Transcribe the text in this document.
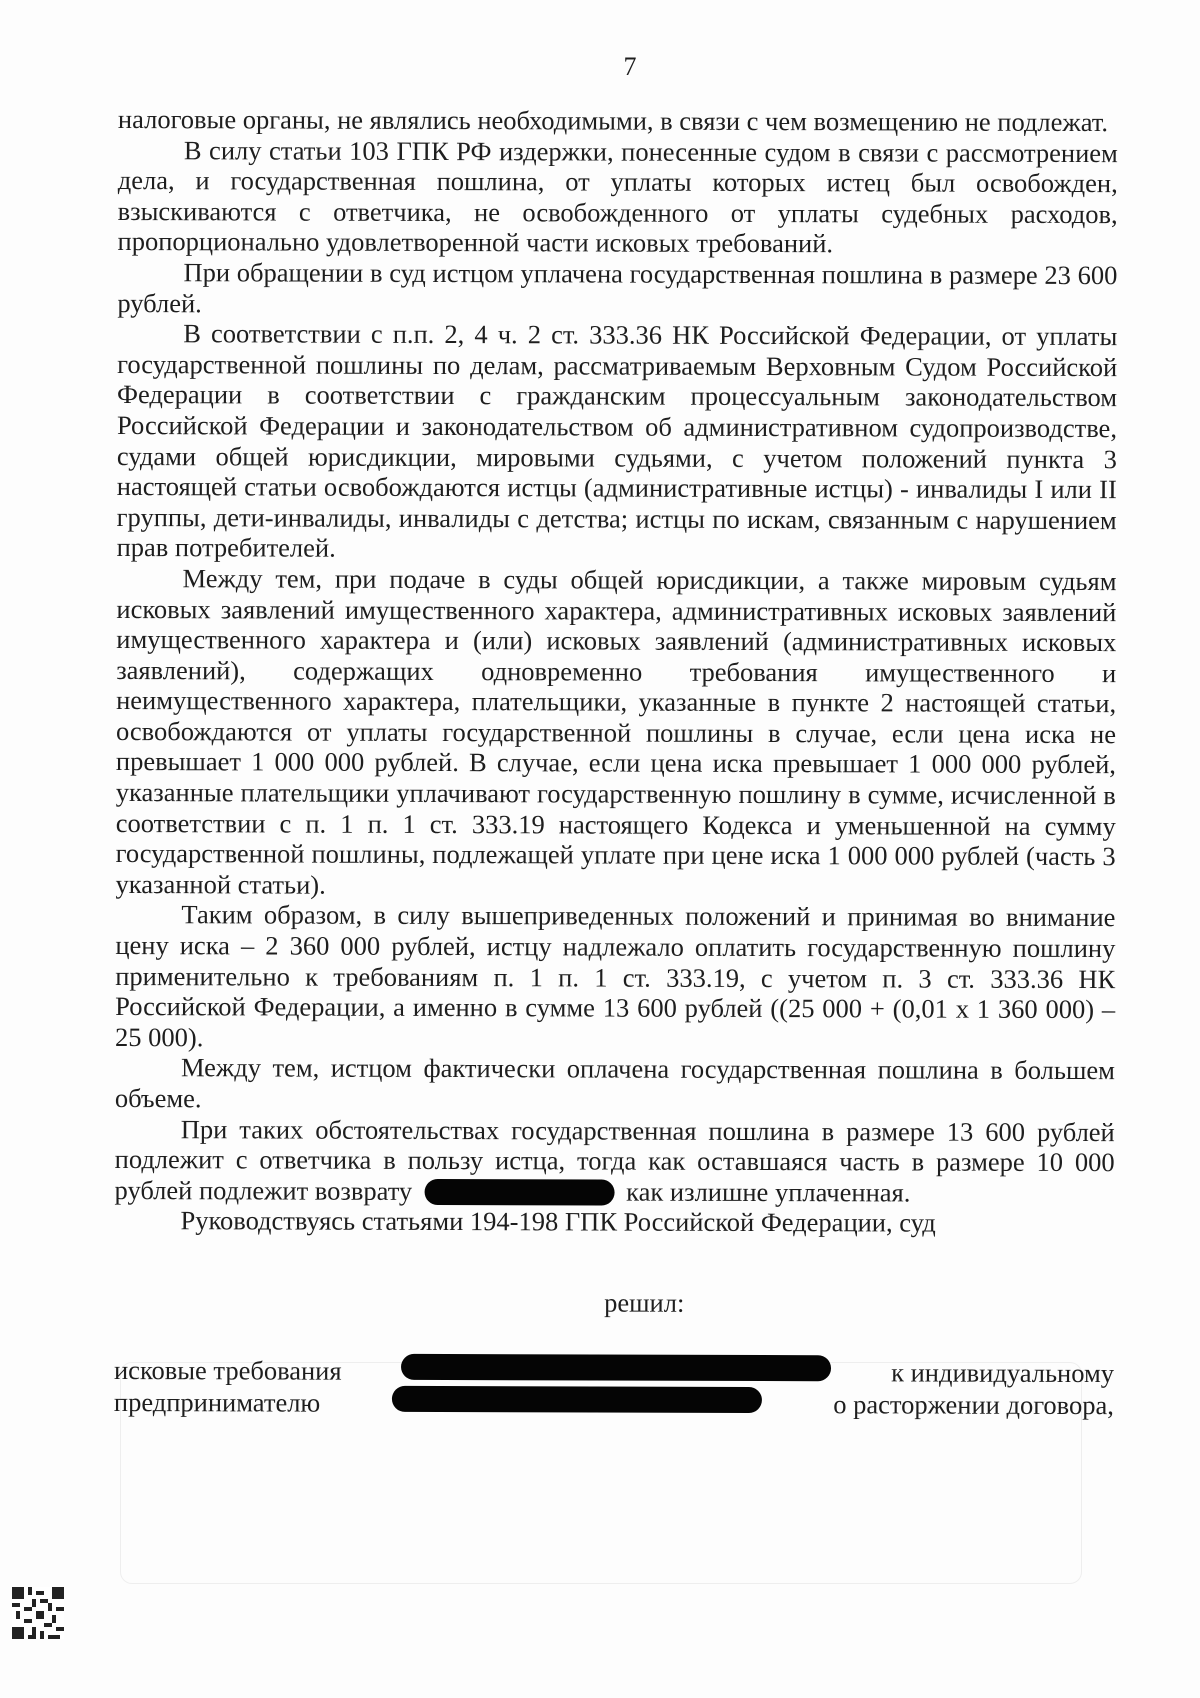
7

налоговые органы, не являлись необходимыми, в связи с чем возмещению не подлежат.

В силу статьи 103 ГПК РФ издержки, понесенные судом в связи с рассмотрением дела, и государственная пошлина, от уплаты которых истец был освобожден, взыскиваются с ответчика, не освобожденного от уплаты судебных расходов, пропорционально удовлетворенной части исковых требований.

При обращении в суд истцом уплачена государственная пошлина в размере 23 600 рублей.

В соответствии с п.п. 2, 4 ч. 2 ст. 333.36 НК Российской Федерации, от уплаты государственной пошлины по делам, рассматриваемым Верховным Судом Российской Федерации в соответствии с гражданским процессуальным законодательством Российской Федерации и законодательством об административном судопроизводстве, судами общей юрисдикции, мировыми судьями, с учетом положений пункта 3 настоящей статьи освобождаются истцы (административные истцы) - инвалиды I или II группы, дети-инвалиды, инвалиды с детства; истцы по искам, связанным с нарушением прав потребителей.

Между тем, при подаче в суды общей юрисдикции, а также мировым судьям исковых заявлений имущественного характера, административных исковых заявлений имущественного характера и (или) исковых заявлений (административных исковых заявлений), содержащих одновременно требования имущественного и неимущественного характера, плательщики, указанные в пункте 2 настоящей статьи, освобождаются от уплаты государственной пошлины в случае, если цена иска не превышает 1 000 000 рублей. В случае, если цена иска превышает 1 000 000 рублей, указанные плательщики уплачивают государственную пошлину в сумме, исчисленной в соответствии с п. 1 п. 1 ст. 333.19 настоящего Кодекса и уменьшенной на сумму государственной пошлины, подлежащей уплате при цене иска 1 000 000 рублей (часть 3 указанной статьи).

Таким образом, в силу вышеприведенных положений и принимая во внимание цену иска – 2 360 000 рублей, истцу надлежало оплатить государственную пошлину применительно к требованиям п. 1 п. 1 ст. 333.19, с учетом п. 3 ст. 333.36 НК Российской Федерации, а именно в сумме 13 600 рублей ((25 000 + (0,01 х 1 360 000) – 25 000).

Между тем, истцом фактически оплачена государственная пошлина в большем объеме.

При таких обстоятельствах государственная пошлина в размере 13 600 рублей подлежит с ответчика в пользу истца, тогда как оставшаяся часть в размере 10 000 рублей подлежит возврату	как излишне уплаченная.

Руководствуясь статьями 194-198 ГПК Российской Федерации, суд

решил:

исковые требования	к индивидуальному

предпринимателю	о расторжении договора,
